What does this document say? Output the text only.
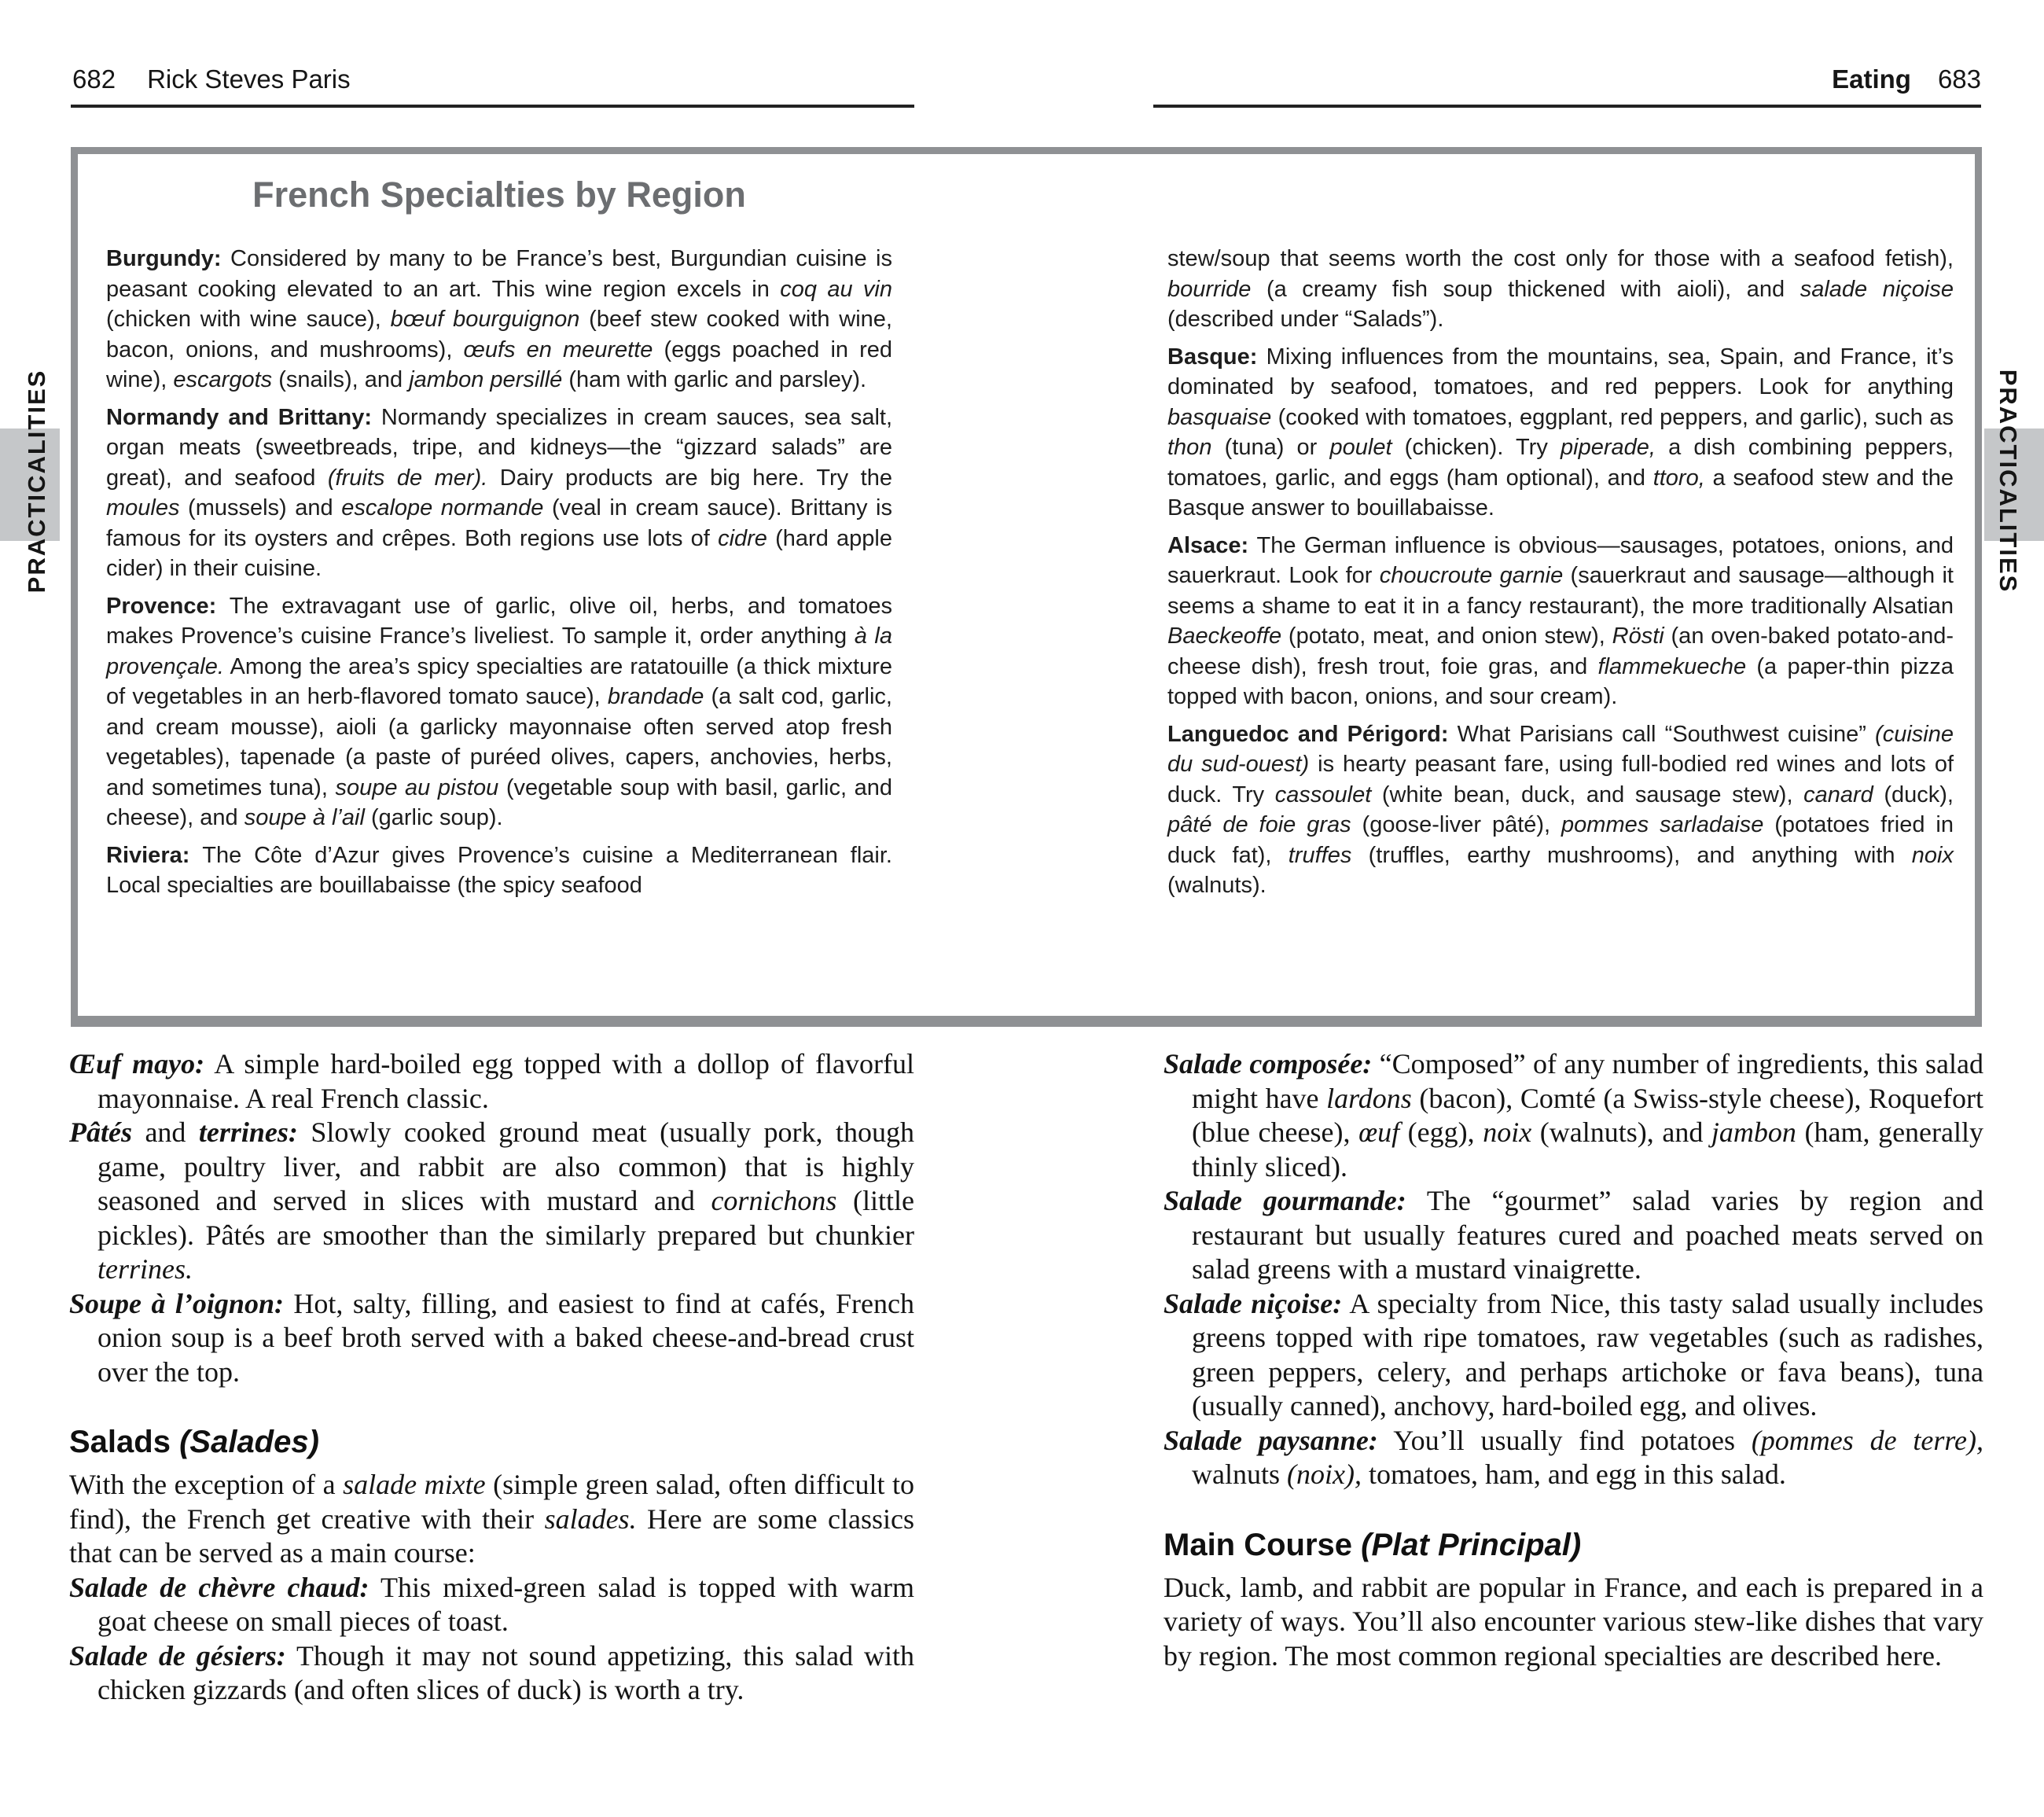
682 Rick Steves Paris	Eating 683
PRACTICALITIES	PRACTICALITIES
French Specialties by Region

Burgundy: Considered by many to be France’s best, Burgundian cuisine is peasant cooking elevated to an art. This wine region excels in coq au vin (chicken with wine sauce), bœuf bourguignon (beef stew cooked with wine, bacon, onions, and mushrooms), œufs en meurette (eggs poached in red wine), escargots (snails), and jambon persillé (ham with garlic and parsley).

Normandy and Brittany: Normandy specializes in cream sauces, sea salt, organ meats (sweetbreads, tripe, and kidneys—the “gizzard salads” are great), and seafood (fruits de mer). Dairy products are big here. Try the moules (mussels) and escalope normande (veal in cream sauce). Brittany is famous for its oysters and crêpes. Both regions use lots of cidre (hard apple cider) in their cuisine.

Provence: The extravagant use of garlic, olive oil, herbs, and tomatoes makes Provence’s cuisine France’s liveliest. To sample it, order anything à la provençale. Among the area’s spicy specialties are ratatouille (a thick mixture of vegetables in an herb-flavored tomato sauce), brandade (a salt cod, garlic, and cream mousse), aioli (a garlicky mayonnaise often served atop fresh vegetables), tapenade (a paste of puréed olives, capers, anchovies, herbs, and sometimes tuna), soupe au pistou (vegetable soup with basil, garlic, and cheese), and soupe à l’ail (garlic soup).

Riviera: The Côte d’Azur gives Provence’s cuisine a Mediterranean flair. Local specialties are bouillabaisse (the spicy seafood

stew/soup that seems worth the cost only for those with a seafood fetish), bourride (a creamy fish soup thickened with aioli), and salade niçoise (described under “Salads”).

Basque: Mixing influences from the mountains, sea, Spain, and France, it’s dominated by seafood, tomatoes, and red peppers. Look for anything basquaise (cooked with tomatoes, eggplant, red peppers, and garlic), such as thon (tuna) or poulet (chicken). Try piperade, a dish combining peppers, tomatoes, garlic, and eggs (ham optional), and ttoro, a seafood stew and the Basque answer to bouillabaisse.

Alsace: The German influence is obvious—sausages, potatoes, onions, and sauerkraut. Look for choucroute garnie (sauerkraut and sausage—although it seems a shame to eat it in a fancy restaurant), the more traditionally Alsatian Baeckeoffe (potato, meat, and onion stew), Rösti (an oven-baked potato-and-cheese dish), fresh trout, foie gras, and flammekueche (a paper-thin pizza topped with bacon, onions, and sour cream).

Languedoc and Périgord: What Parisians call “Southwest cuisine” (cuisine du sud-ouest) is hearty peasant fare, using full-bodied red wines and lots of duck. Try cassoulet (white bean, duck, and sausage stew), canard (duck), pâté de foie gras (goose-liver pâté), pommes sarladaise (potatoes fried in duck fat), truffes (truffles, earthy mushrooms), and anything with noix (walnuts).

Œuf mayo: A simple hard-boiled egg topped with a dollop of flavorful mayonnaise. A real French classic.

Pâtés and terrines: Slowly cooked ground meat (usually pork, though game, poultry liver, and rabbit are also common) that is highly seasoned and served in slices with mustard and cornichons (little pickles). Pâtés are smoother than the similarly prepared but chunkier terrines.

Soupe à l’oignon: Hot, salty, filling, and easiest to find at cafés, French onion soup is a beef broth served with a baked cheese-and-bread crust over the top.

Salads (Salades)

With the exception of a salade mixte (simple green salad, often difficult to find), the French get creative with their salades. Here are some classics that can be served as a main course:

Salade de chèvre chaud: This mixed-green salad is topped with warm goat cheese on small pieces of toast.

Salade de gésiers: Though it may not sound appetizing, this salad with chicken gizzards (and often slices of duck) is worth a try.

Salade composée: “Composed” of any number of ingredients, this salad might have lardons (bacon), Comté (a Swiss-style cheese), Roquefort (blue cheese), œuf (egg), noix (walnuts), and jambon (ham, generally thinly sliced).

Salade gourmande: The “gourmet” salad varies by region and restaurant but usually features cured and poached meats served on salad greens with a mustard vinaigrette.

Salade niçoise: A specialty from Nice, this tasty salad usually includes greens topped with ripe tomatoes, raw vegetables (such as radishes, green peppers, celery, and perhaps artichoke or fava beans), tuna (usually canned), anchovy, hard-boiled egg, and olives.

Salade paysanne: You’ll usually find potatoes (pommes de terre), walnuts (noix), tomatoes, ham, and egg in this salad.

Main Course (Plat Principal)

Duck, lamb, and rabbit are popular in France, and each is prepared in a variety of ways. You’ll also encounter various stew-like dishes that vary by region. The most common regional specialties are described here.
